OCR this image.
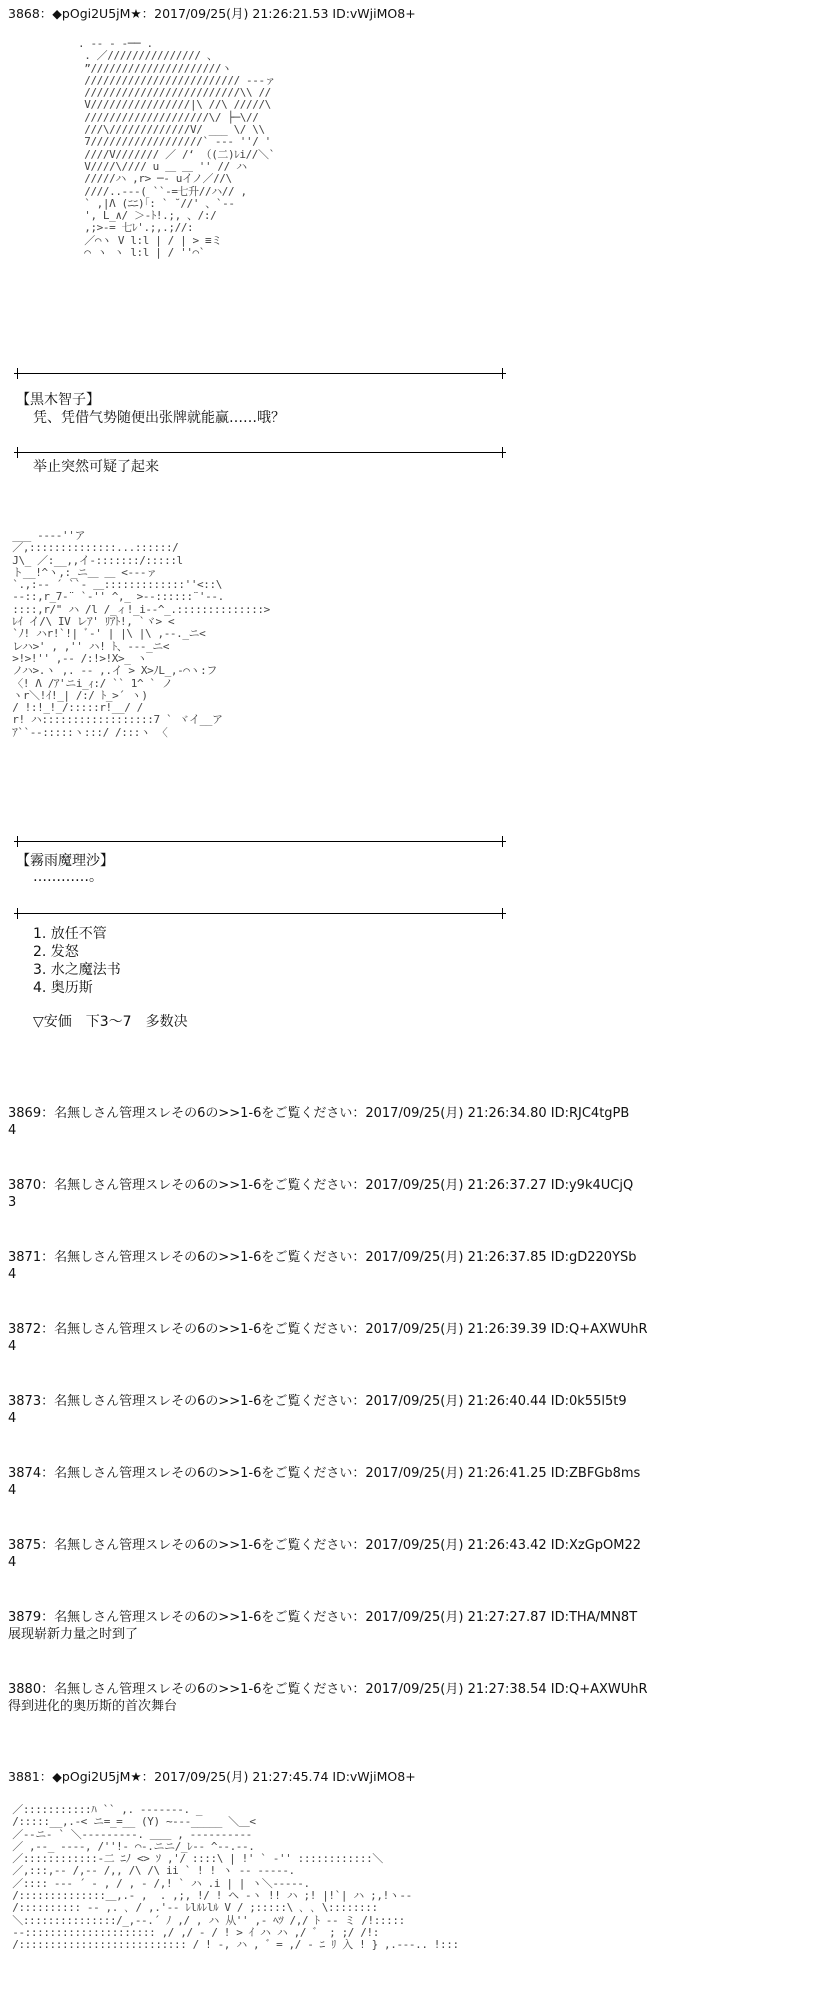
3868：◆pOgi2U5jM★：2017/09/25(月) 21:26:21.53 ID:vWjiMO8+
. ‐‐ ‐ ‐── .
. ／/////////////// 、
”/////////////////////ヽ
///////////////////////// ‐‐‐ァ
/////////////////////////\\ //
V////////////////|\ //\ /////\
////////////////////\/ ├─\//
///\/////////////V/ ___ \/ \\
7//////////////////` ‐‐‐ ''/ '
////V/////// ／ /‘ （(二)ﾚi//＼`
V////\//// u ＿ ＿ '' // ハ
/////ハ ,r> ─‐ uイノ／//\
////..‐‐‐( ``‐=七升//ハ// ,
` ,|Λ (ﾆﾆ)｢: ` ˘//' 、`‐‐
', L_∧/ ＞‐ﾄ!.;, 、/:/
,;>‐= 七ﾚ'.;,.;//:
／⌒ヽ V l:l | / | > ≡ミ
⌒ ヽ ヽ l:l | / ''⌒`
【黒木智子】
凭、凭借气势随便出张牌就能赢……哦？
举止突然可疑了起来
___ ‐‐‐‐''ア
／,::::::::::::::...::::::/
J\_ ／:__,,イ‐:::::::/:::::l
ト__!^ヽ,:_ニ＿ ＿ <‐‐‐ァ
`.,:-‐ ´ ``‐ ＿:::::::::::::''<::\
-‐::,r_7‐¨ `‐'' ^,_ >‐‐::::::¨'‐‐.
::::,r/" ハ /l /_ィ!_i‐‐^_.::::::::::::::>
ﾚｲ イ/\ IV レｱ' ﾘｱﾄ!, `ヾ> <
`ﾉ! ハr!`!| ﾞ‐' | |\ |\ ,‐‐._ニ<
レハ>' , ,'' ハ! ﾄ、‐‐‐_ニ<
>!>!'' ,-‐ /:!>!X>_ ヽ
ノハ>.ヽ ,. ‐‐ ,.イ > X>ﾉL_,‐⌒ヽ:フ
〈! Λ /ｱ'ニi_ｨ:/ `` 1^ ` ノ
ヽr＼!ｲ!_| /:/ ﾄ_>´ ヽ)
/ !:!_!_/:::::r!__/ /
r! ハ::::::::::::::::::7 ` ヾイ__ア
ｱ``‐‐:::::ヽ:::/ /:::ヽ 〈
【霧雨魔理沙】
…………。
1. 放任不管
2. 发怒
3. 水之魔法书
4. 奥历斯
▽安価　下3～7　多数决
3869：名無しさん管理スレその6の>>1-6をご覧ください：2017/09/25(月) 21:26:34.80 ID:RJC4tgPB
4
3870：名無しさん管理スレその6の>>1-6をご覧ください：2017/09/25(月) 21:26:37.27 ID:y9k4UCjQ
3
3871：名無しさん管理スレその6の>>1-6をご覧ください：2017/09/25(月) 21:26:37.85 ID:gD220YSb
4
3872：名無しさん管理スレその6の>>1-6をご覧ください：2017/09/25(月) 21:26:39.39 ID:Q+AXWUhR
4
3873：名無しさん管理スレその6の>>1-6をご覧ください：2017/09/25(月) 21:26:40.44 ID:0k55l5t9
4
3874：名無しさん管理スレその6の>>1-6をご覧ください：2017/09/25(月) 21:26:41.25 ID:ZBFGb8ms
4
3875：名無しさん管理スレその6の>>1-6をご覧ください：2017/09/25(月) 21:26:43.42 ID:XzGpOM22
4
3879：名無しさん管理スレその6の>>1-6をご覧ください：2017/09/25(月) 21:27:27.87 ID:THA/MN8T
展现崭新力量之时到了
3880：名無しさん管理スレその6の>>1-6をご覧ください：2017/09/25(月) 21:27:38.54 ID:Q+AXWUhR
得到进化的奥历斯的首次舞台
3881：◆pOgi2U5jM★：2017/09/25(月) 21:27:45.74 ID:vWjiMO8+
／:::::::::::ﾊ `` ,. ‐‐‐‐‐‐‐. _
/:::::__,.‐< ニ=_=__ (Y) ~‐‐‐_____ ＼＿<
／‐‐ニ‐ ` ＼‐‐‐‐‐‐‐‐‐. ＿＿ , ‐‐‐‐‐‐‐‐‐‐
／ ,‐‐_ ‐‐‐‐, /''!‐ ⌒-.ニニ/_ﾚ‐‐ ^‐-.‐‐.
／::::::::::::‐二 ﾆﾉ <> ｿ ,'/ ::::\ | !' ` ‐'' ::::::::::::＼
／,:::,-‐ /,-‐ /,, /\ /\ ii ` ! ! ヽ ‐‐ ‐‐‐‐‐.
／:::: ‐‐‐ ´ - , / , - /,! ` ハ .i | | ヽ＼‐‐‐‐‐.
/::::::::::::::＿,.‐ ,  . ,;, !/ ! ヘ ‐ヽ !! ハ ;! |!`| ハ ;,!ヽ‐‐
/:::::::::: -‐ ,. ､ / ,.'‐‐ ﾚlﾙﾚlﾙ V / ;:::::\ ､ ､ \::::::::
＼:::::::::::::::/_,‐‐.´ ﾉ ,/ , ハ 从'' ,- ﾍﾂ /,/ ﾄ ‐‐ ミ /!:::::
‐‐::::::::::::::::::::: ,/ ,/ - / ! > ｲ ハ ハ ,/ ゛ ; ;/ /!:
/::::::::::::::::::::::::::: / ! -, ハ , ゛= ,/ ‐ ﾆ ﾘ 入 ! } ,.-‐‐.. !:::
